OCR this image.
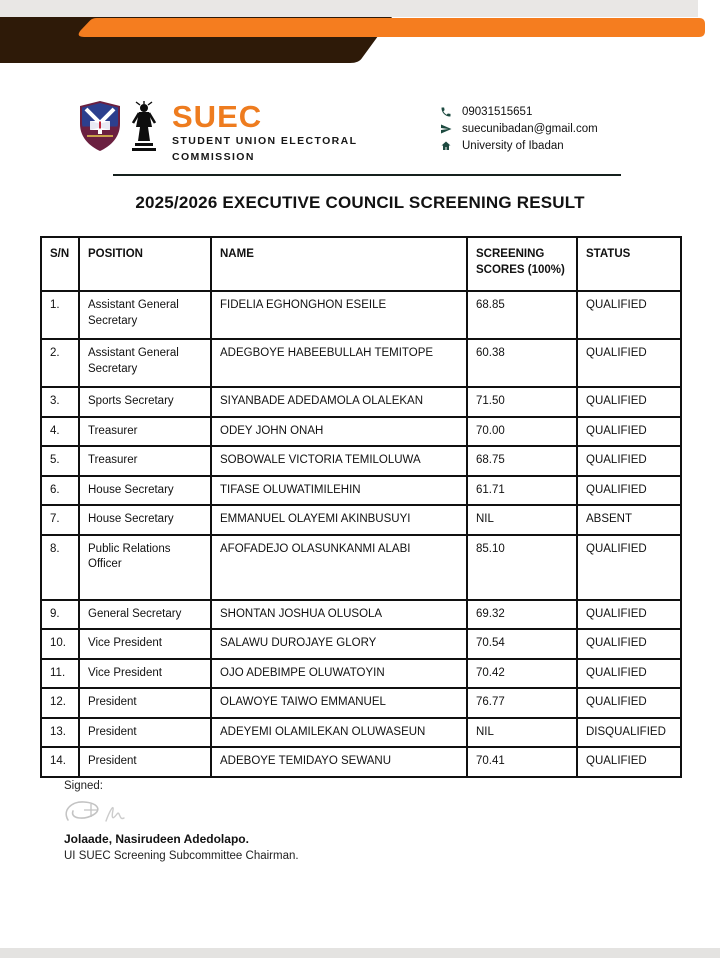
SUEC
STUDENT UNION ELECTORAL
COMMISSION
09031515651
suecunibadan@gmail.com
University of Ibadan
2025/2026 EXECUTIVE COUNCIL SCREENING RESULT
S/N	POSITION	NAME	SCREENING SCORES (100%)	STATUS
1.	Assistant General Secretary	FIDELIA EGHONGHON ESEILE	68.85	QUALIFIED
2.	Assistant General Secretary	ADEGBOYE HABEEBULLAH TEMITOPE	60.38	QUALIFIED
3.	Sports Secretary	SIYANBADE ADEDAMOLA OLALEKAN	71.50	QUALIFIED
4.	Treasurer	ODEY JOHN ONAH	70.00	QUALIFIED
5.	Treasurer	SOBOWALE VICTORIA TEMILOLUWA	68.75	QUALIFIED
6.	House Secretary	TIFASE OLUWATIMILEHIN	61.71	QUALIFIED
7.	House Secretary	EMMANUEL OLAYEMI AKINBUSUYI	NIL	ABSENT
8.	Public Relations Officer	AFOFADEJO OLASUNKANMI ALABI	85.10	QUALIFIED
9.	General Secretary	SHONTAN JOSHUA OLUSOLA	69.32	QUALIFIED
10.	Vice President	SALAWU DUROJAYE GLORY	70.54	QUALIFIED
11.	Vice President	OJO ADEBIMPE OLUWATOYIN	70.42	QUALIFIED
12.	President	OLAWOYE TAIWO EMMANUEL	76.77	QUALIFIED
13.	President	ADEYEMI OLAMILEKAN OLUWASEUN	NIL	DISQUALIFIED
14.	President	ADEBOYE TEMIDAYO SEWANU	70.41	QUALIFIED
Signed:
Jolaade, Nasirudeen Adedolapo.
UI SUEC Screening Subcommittee Chairman.
